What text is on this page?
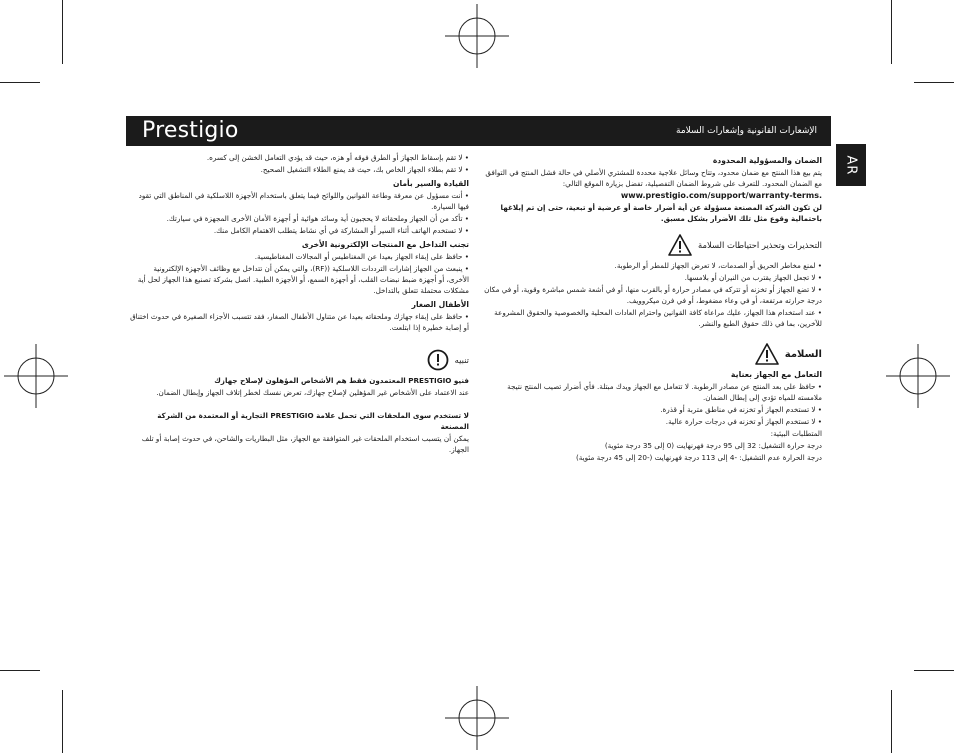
Prestigio	الإشعارات القانونية وإشعارات السلامة
AR
الضمان والمسؤولية المحدودة

يتم بيع هذا المنتج مع ضمان محدود، وتتاح وسائل علاجية محددة للمشتري الأصلي في حالة فشل المنتج في التوافق مع الضمان المحدود. للتعرف على شروط الضمان التفصيلية، تفضل بزيارة الموقع التالي:

www.prestigio.com/support/warranty-terms.

لن تكون الشركة المصنعة مسؤولة عن أية أضرار خاصة أو عرضية أو تبعية، حتى إن تم إبلاغها باحتمالية وقوع مثل تلك الأضرار بشكل مسبق.

التحذيرات وتحذير احتياطات السلامة

• لمنع مخاطر الحريق أو الصدمات، لا تعرض الجهاز للمطر أو الرطوبة.

• لا تجعل الجهاز يقترب من النيران أو بلامسها.

• لا تضع الجهاز أو تخزنه أو تتركه في مصادر حرارة أو بالقرب منها، أو في أشعة شمس مباشرة وقوية، أو في مكان درجة حرارته مرتفعة، أو في وعاء مضغوط، أو في فرن ميكروويف.

• عند استخدام هذا الجهاز، عليك مراعاة كافة القوانين واحترام العادات المحلية والخصوصية والحقوق المشروعة للآخرين، بما في ذلك حقوق الطبع والنشر.

السلامة

التعامل مع الجهاز بعناية

• حافظ على بعد المنتج عن مصادر الرطوبة. لا تتعامل مع الجهاز ويدك مبتلة. فأي أضرار تصيب المنتج نتيجة ملامسته للمياه تؤدي إلى إبطال الضمان.

• لا تستخدم الجهاز أو تخزنه في مناطق متربة أو قذرة.

• لا تستخدم الجهاز أو تخزنه في درجات حرارة عالية.

المتطلبات البيئية:

درجة حرارة التشغيل: 32 إلى 95 درجة فهرنهايت (0 إلى 35 درجة مئوية)

درجة الحرارة عدم التشغيل: -4 إلى 113 درجة فهرنهايت (-20 إلى 45 درجة مئوية)

• لا تقم بإسقاط الجهاز أو الطرق فوقه أو هزه، حيث قد يؤدي التعامل الخشن إلى كسره.

• لا تقم بطلاء الجهاز الخاص بك، حيث قد يمنع الطلاء التشغيل الصحيح.

القيادة والسير بأمان

• أنت مسؤول عن معرفة وطاعة القوانين واللوائح فيما يتعلق باستخدام الأجهزة اللاسلكية في المناطق التي تقود فيها السيارة.

• تأكد من أن الجهاز وملحقاته لا يحجبون أية وسائد هوائية أو أجهزة الأمان الأخرى المجهزة في سيارتك.

• لا تستخدم الهاتف أثناء السير أو المشاركة في أي نشاط يتطلب الاهتمام الكامل منك.

تجنب التداخل مع المنتجات الإلكترونية الأخرى

• حافظ على إبقاء الجهاز بعيدا عن المغناطيس أو المجالات المغناطيسية.

• ينبعث من الجهاز إشارات الترددات اللاسلكية ((RF)، والتي يمكن أن تتداخل مع وظائف الأجهزة الإلكترونية الأخرى، أو أجهزة ضبط نبضات القلب، أو أجهزة السمع، أو الأجهزة الطبية. اتصل بشركة تصنيع هذا الجهاز لحل أية مشكلات محتملة تتعلق بالتداخل.

الأطفال الصغار

• حافظ على إبقاء جهازك وملحقاته بعيدا عن متناول الأطفال الصغار، فقد تتسبب الأجزاء الصغيرة في حدوث اختناق أو إصابة خطيرة إذا ابتلعت.

تنبيه

فنيو PRESTIGIO المعتمدون فقط هم الأشخاص المؤهلون لإصلاح جهازك

عند الاعتماد على الأشخاص غير المؤهلين لإصلاح جهازك، تعرض نفسك لخطر إتلاف الجهاز وإبطال الضمان.

لا تستخدم سوى الملحقات التي تحمل علامة PRESTIGIO التجارية أو المعتمدة من الشركة المصنعة

يمكن أن يتسبب استخدام الملحقات غير المتوافقة مع الجهاز، مثل البطاريات والشاحن، في حدوث إصابة أو تلف الجهاز.
